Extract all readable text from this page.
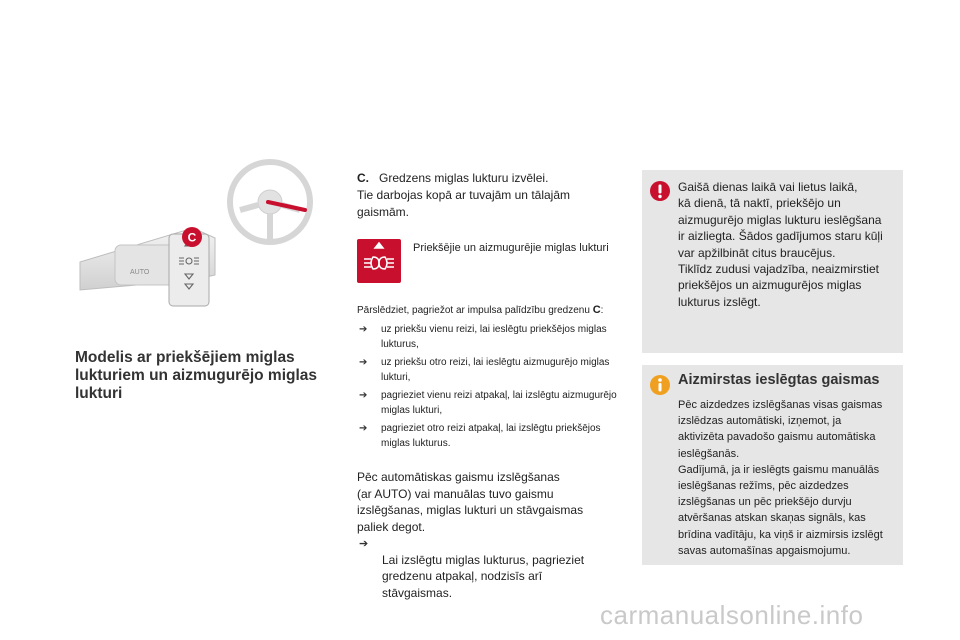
AUTO
C
Modelis ar priekšējiem miglas lukturiem un aizmugurējo miglas lukturi
C. Gredzens miglas lukturu izvēlei.
Tie darbojas kopā ar tuvajām un tālajām
gaismām.
Priekšējie un aizmugurējie miglas lukturi
Pārslēdziet, pagriežot ar impulsa palīdzību gredzenu C:
➔ uz priekšu vienu reizi, lai ieslēgtu priekšējos miglas lukturus,
➔ uz priekšu otro reizi, lai ieslēgtu aizmugurējo miglas lukturi,
➔ pagrieziet vienu reizi atpakaļ, lai izslēgtu aizmugurējo miglas lukturi,
➔ pagrieziet otro reizi atpakaļ, lai izslēgtu priekšējos miglas lukturus.
Pēc automātiskas gaismu izslēgšanas
(ar AUTO) vai manuālas tuvo gaismu
izslēgšanas, miglas lukturi un stāvgaismas
paliek degot.

➔
Lai izslēgtu miglas lukturus, pagrieziet
gredzenu atpakaļ, nodzisīs arī
stāvgaismas.

Gaišā dienas laikā vai lietus laikā,
kā dienā, tā naktī, priekšējo un
aizmugurējo miglas lukturu ieslēgšana
ir aizliegta. Šādos gadījumos staru kūļi
var apžilbināt citus braucējus.
Tiklīdz zudusi vajadzība, neaizmirstiet
priekšējos un aizmugurējos miglas
lukturus izslēgt.
Aizmirstas ieslēgtas gaismas
Pēc aizdedzes izslēgšanas visas gaismas
izslēdzas automātiski, izņemot, ja
aktivizēta pavadošo gaismu automātiska
ieslēgšanās.
Gadījumā, ja ir ieslēgts gaismu manuālās
ieslēgšanas režīms, pēc aizdedzes
izslēgšanas un pēc priekšējo durvju
atvēršanas atskan skaņas signāls, kas
brīdina vadītāju, ka viņš ir aizmirsis izslēgt
savas automašīnas apgaismojumu.
carmanualsonline.info
